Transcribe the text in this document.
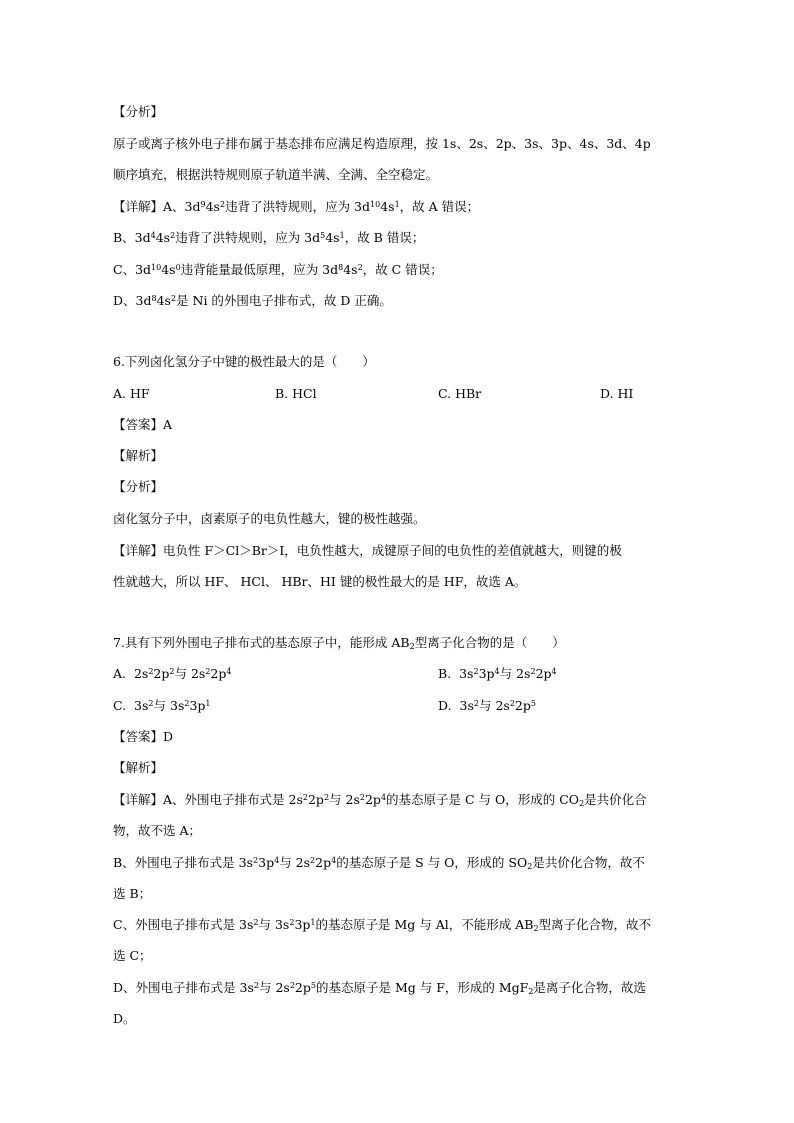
【分析】
原子或离子核外电子排布属于基态排布应满足构造原理，按 1s、2s、2p、3s、3p、4s、3d、4p
顺序填充，根据洪特规则原子轨道半满、全满、全空稳定。
【详解】A、$3d^94s^2$违背了洪特规则，应为 $3d^{10}4s^1$，故 A 错误；
B、$3d^44s^2$违背了洪特规则，应为 $3d^54s^1$，故 B 错误；
C、$3d^{10}4s^0$违背能量最低原理，应为 $3d^84s^2$，故 C 错误；
D、$3d^84s^2$是 Ni 的外围电子排布式，故 D 正确。
6.下列卤化氢分子中键的极性最大的是（　　）
A. HF	B. HCl	C. HBr	D. HI
【答案】A
【解析】
【分析】
卤化氢分子中，卤素原子的电负性越大，键的极性越强。
【详解】电负性 F＞Cl＞Br＞I，电负性越大，成键原子间的电负性的差值就越大，则键的极
性就越大，所以 HF、 HCl、 HBr、HI 键的极性最大的是 HF，故选 A。
7.具有下列外围电子排布式的基态原子中，能形成 $AB_2$型离子化合物的是（　　）
A.  $2s^22p^2$与 $2s^22p^4$	B.  $3s^23p^4$与 $2s^22p^4$
C.  $3s^2$与 $3s^23p^1$	D.  $3s^2$与 $2s^22p^5$
【答案】D
【解析】
【详解】A、外围电子排布式是 $2s^22p^2$与 $2s^22p^4$的基态原子是 C 与 O，形成的 $CO_2$是共价化合
物，故不选 A；
B、外围电子排布式是 $3s^23p^4$与 $2s^22p^4$的基态原子是 S 与 O，形成的 $SO_2$是共价化合物，故不
选 B；
C、外围电子排布式是 $3s^2$与 $3s^23p^1$的基态原子是 Mg 与 Al，不能形成 $AB_2$型离子化合物，故不
选 C；
D、外围电子排布式是 $3s^2$与 $2s^22p^5$的基态原子是 Mg 与 F，形成的 MgF$_2$是离子化合物，故选
D。
